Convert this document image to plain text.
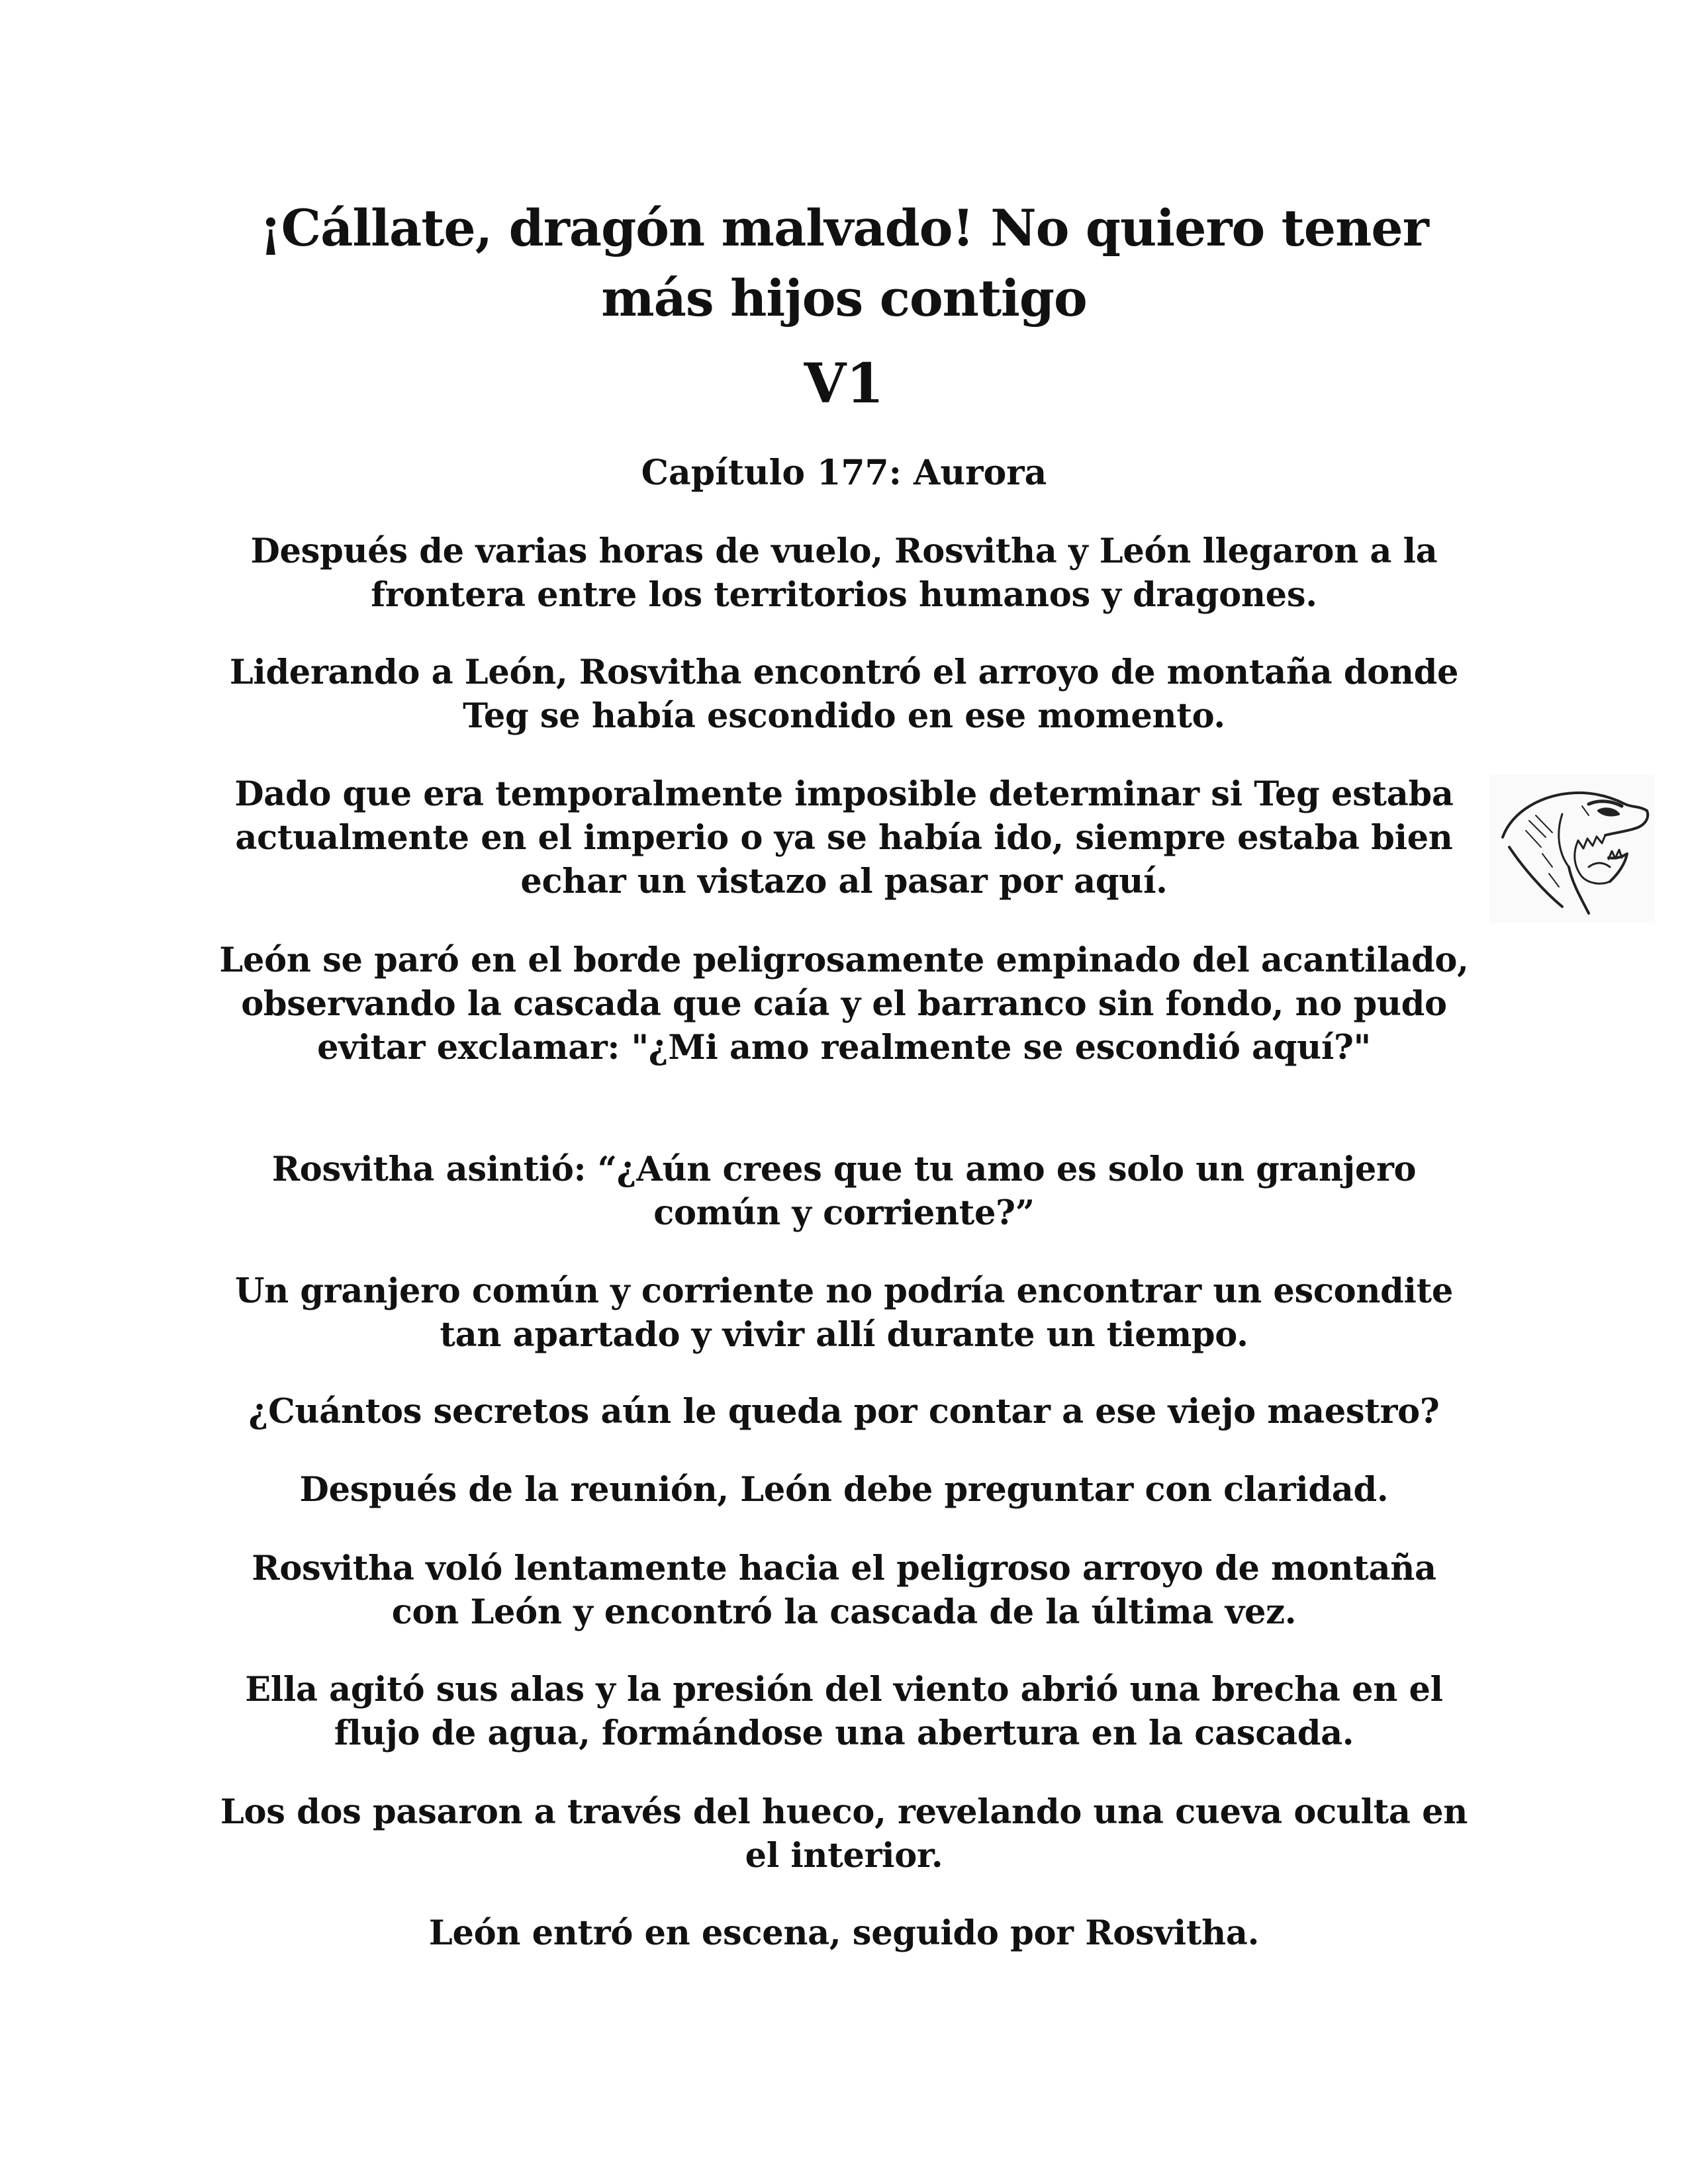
¡Cállate, dragón malvado! No quiero tener más hijos contigo
V1
Capítulo 177: Aurora

Después de varias horas de vuelo, Rosvitha y León llegaron a la frontera entre los territorios humanos y dragones.

Liderando a León, Rosvitha encontró el arroyo de montaña donde Teg se había escondido en ese momento.

Dado que era temporalmente imposible determinar si Teg estaba actualmente en el imperio o ya se había ido, siempre estaba bien echar un vistazo al pasar por aquí.

León se paró en el borde peligrosamente empinado del acantilado, observando la cascada que caía y el barranco sin fondo, no pudo evitar exclamar: "¿Mi amo realmente se escondió aquí?"

Rosvitha asintió: “¿Aún crees que tu amo es solo un granjero común y corriente?”

Un granjero común y corriente no podría encontrar un escondite tan apartado y vivir allí durante un tiempo.

¿Cuántos secretos aún le queda por contar a ese viejo maestro?

Después de la reunión, León debe preguntar con claridad.

Rosvitha voló lentamente hacia el peligroso arroyo de montaña con León y encontró la cascada de la última vez.

Ella agitó sus alas y la presión del viento abrió una brecha en el flujo de agua, formándose una abertura en la cascada.

Los dos pasaron a través del hueco, revelando una cueva oculta en el interior.

León entró en escena, seguido por Rosvitha.
